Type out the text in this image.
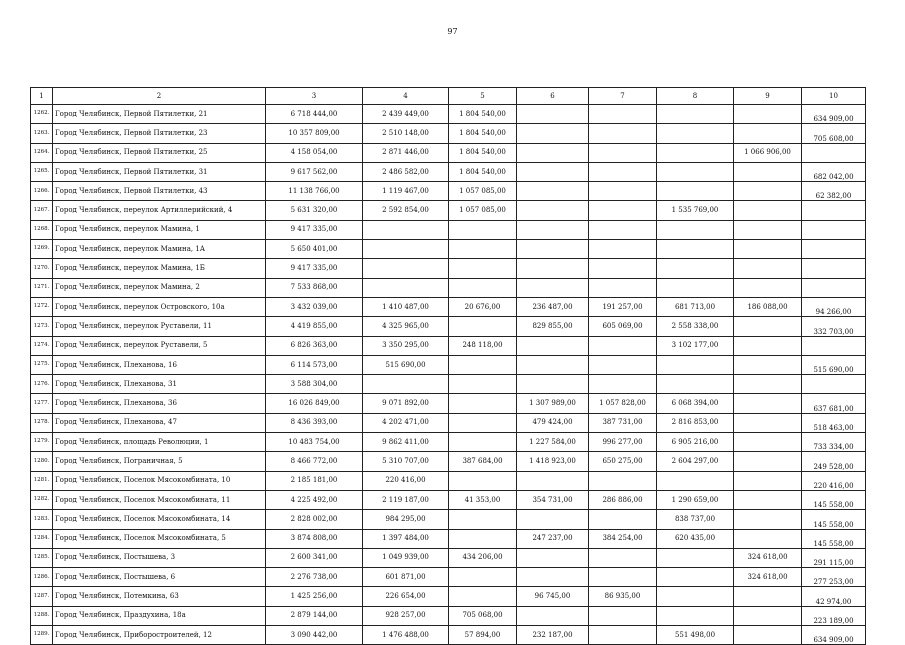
97
1	2	3	4	5	6	7	8	9	10
1262.	Город Челябинск, Первой Пятилетки, 21	6 718 444,00	2 439 449,00	1 804 540,00					634 909,00
1263.	Город Челябинск, Первой Пятилетки, 23	10 357 809,00	2 510 148,00	1 804 540,00					705 608,00
1264.	Город Челябинск, Первой Пятилетки, 25	4 158 054,00	2 871 446,00	1 804 540,00				1 066 906,00	
1265.	Город Челябинск, Первой Пятилетки, 31	9 617 562,00	2 486 582,00	1 804 540,00					682 042,00
1266.	Город Челябинск, Первой Пятилетки, 43	11 138 766,00	1 119 467,00	1 057 085,00					62 382,00
1267.	Город Челябинск, переулок Артиллерийский, 4	5 631 320,00	2 592 854,00	1 057 085,00			1 535 769,00		
1268.	Город Челябинск, переулок Мамина, 1	9 417 335,00							
1269.	Город Челябинск, переулок Мамина, 1А	5 650 401,00							
1270.	Город Челябинск, переулок Мамина, 1Б	9 417 335,00							
1271.	Город Челябинск, переулок Мамина, 2	7 533 868,00							
1272.	Город Челябинск, переулок Островского, 10а	3 432 039,00	1 410 487,00	20 676,00	236 487,00	191 257,00	681 713,00	186 088,00	94 266,00
1273.	Город Челябинск, переулок Руставели, 11	4 419 855,00	4 325 965,00		829 855,00	605 069,00	2 558 338,00		332 703,00
1274.	Город Челябинск, переулок Руставели, 5	6 826 363,00	3 350 295,00	248 118,00			3 102 177,00		
1275.	Город Челябинск, Плеханова, 16	6 114 573,00	515 690,00						515 690,00
1276.	Город Челябинск, Плеханова, 31	3 588 304,00							
1277.	Город Челябинск, Плеханова, 36	16 026 849,00	9 071 892,00		1 307 989,00	1 057 828,00	6 068 394,00		637 681,00
1278.	Город Челябинск, Плеханова, 47	8 436 393,00	4 202 471,00		479 424,00	387 731,00	2 816 853,00		518 463,00
1279.	Город Челябинск, площадь Революции, 1	10 483 754,00	9 862 411,00		1 227 584,00	996 277,00	6 905 216,00		733 334,00
1280.	Город Челябинск, Пограничная, 5	8 466 772,00	5 310 707,00	387 684,00	1 418 923,00	650 275,00	2 604 297,00		249 528,00
1281.	Город Челябинск, Поселок Мясокомбината, 10	2 185 181,00	220 416,00						220 416,00
1282.	Город Челябинск, Поселок Мясокомбината, 11	4 225 492,00	2 119 187,00	41 353,00	354 731,00	286 886,00	1 290 659,00		145 558,00
1283.	Город Челябинск, Поселок Мясокомбината, 14	2 828 002,00	984 295,00				838 737,00		145 558,00
1284.	Город Челябинск, Поселок Мясокомбината, 5	3 874 808,00	1 397 484,00		247 237,00	384 254,00	620 435,00		145 558,00
1285.	Город Челябинск, Постышева, 3	2 600 341,00	1 049 939,00	434 206,00				324 618,00	291 115,00
1286.	Город Челябинск, Постышева, 6	2 276 738,00	601 871,00					324 618,00	277 253,00
1287.	Город Челябинск, Потемкина, 63	1 425 256,00	226 654,00		96 745,00	86 935,00			42 974,00
1288.	Город Челябинск, Праздухина, 18а	2 879 144,00	928 257,00	705 068,00					223 189,00
1289.	Город Челябинск, Приборостроителей, 12	3 090 442,00	1 476 488,00	57 894,00	232 187,00		551 498,00		634 909,00
